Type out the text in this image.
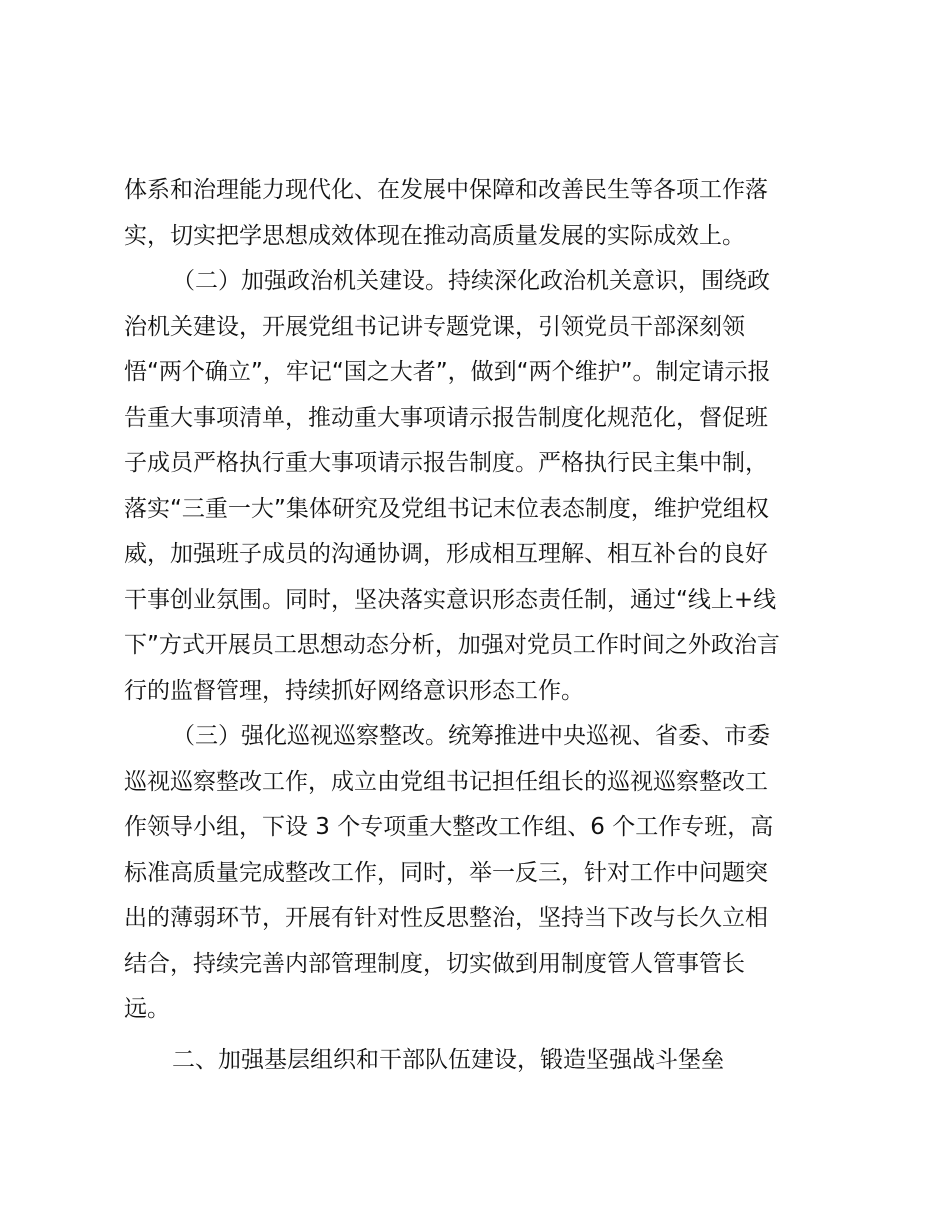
体系和治理能力现代化、在发展中保障和改善民生等各项工作落
实，切实把学思想成效体现在推动高质量发展的实际成效上。
（二）加强政治机关建设。持续深化政治机关意识，围绕政
治机关建设，开展党组书记讲专题党课，引领党员干部深刻领
悟“两个确立”，牢记“国之大者”，做到“两个维护”。制定请示报
告重大事项清单，推动重大事项请示报告制度化规范化，督促班
子成员严格执行重大事项请示报告制度。严格执行民主集中制，
落实“三重一大”集体研究及党组书记末位表态制度，维护党组权
威，加强班子成员的沟通协调，形成相互理解、相互补台的良好
干事创业氛围。同时，坚决落实意识形态责任制，通过“线上+线
下”方式开展员工思想动态分析，加强对党员工作时间之外政治言
行的监督管理，持续抓好网络意识形态工作。
（三）强化巡视巡察整改。统筹推进中央巡视、省委、市委
巡视巡察整改工作，成立由党组书记担任组长的巡视巡察整改工
作领导小组，下设 3 个专项重大整改工作组、6 个工作专班，高
标准高质量完成整改工作，同时，举一反三，针对工作中问题突
出的薄弱环节，开展有针对性反思整治，坚持当下改与长久立相
结合，持续完善内部管理制度，切实做到用制度管人管事管长
远。
二、加强基层组织和干部队伍建设，锻造坚强战斗堡垒
